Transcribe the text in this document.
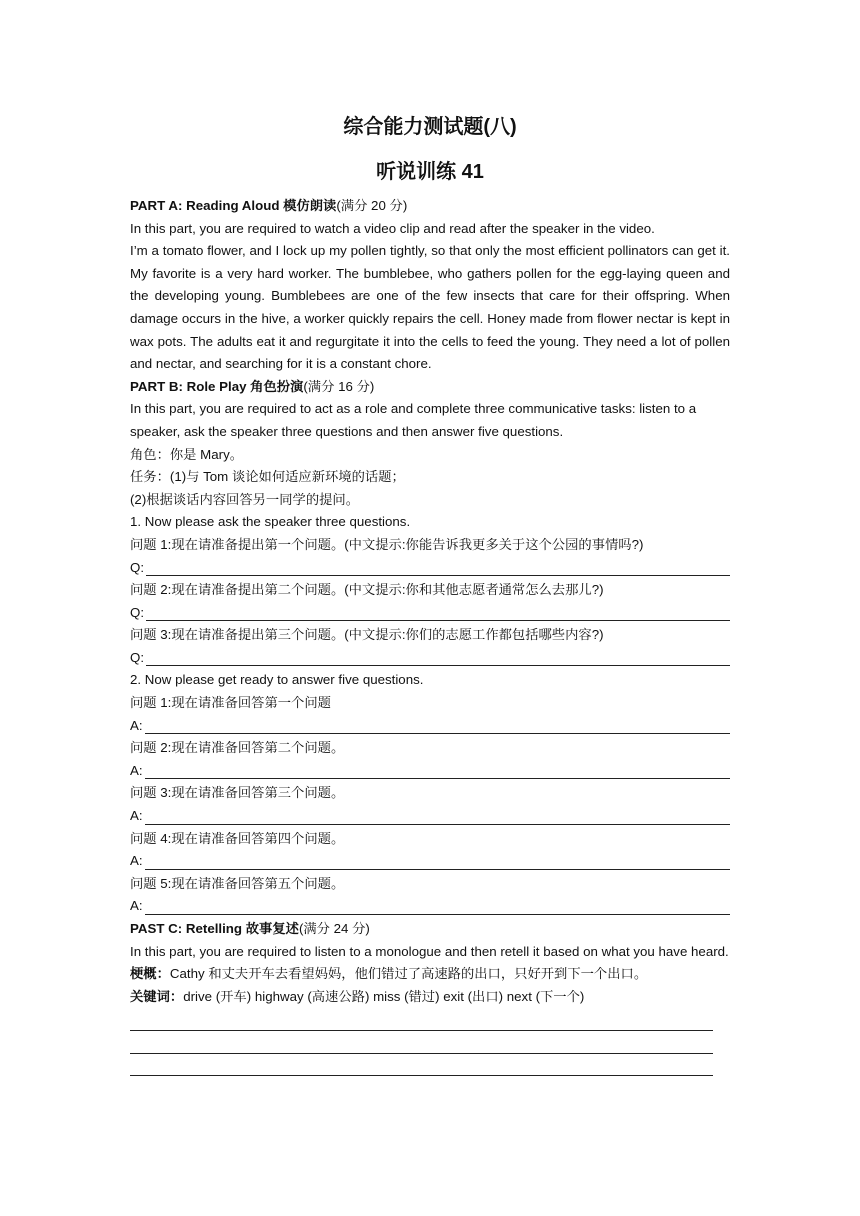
综合能力测试题(八)
听说训练 41

PART A: Reading Aloud 模仿朗读(满分 20 分)

In this part, you are required to watch a video clip and read after the speaker in the video.

I’m a tomato flower, and I lock up my pollen tightly, so that only the most efficient pollinators can get it. My favorite is a very hard worker. The bumblebee, who gathers pollen for the egg-laying queen and the developing young. Bumblebees are one of the few insects that care for their offspring. When damage occurs in the hive, a worker quickly repairs the cell. Honey made from flower nectar is kept in wax pots. The adults eat it and regurgitate it into the cells to feed the young. They need a lot of pollen and nectar, and searching for it is a constant chore.

PART B: Role Play 角色扮演(满分 16 分)

In this part, you are required to act as a role and complete three communicative tasks: listen to a speaker, ask the speaker three questions and then answer five questions.

角色：你是 Mary。

任务：(1)与 Tom 谈论如何适应新环境的话题；

(2)根据谈话内容回答另一同学的提问。

1. Now please ask the speaker three questions.

问题 1:现在请准备提出第一个问题。(中文提示:你能告诉我更多关于这个公园的事情吗?)

Q:

问题 2:现在请准备提出第二个问题。(中文提示:你和其他志愿者通常怎么去那儿?)

Q:

问题 3:现在请准备提出第三个问题。(中文提示:你们的志愿工作都包括哪些内容?)

Q:

2. Now please get ready to answer five questions.

问题 1:现在请准备回答第一个问题

A:

问题 2:现在请准备回答第二个问题。

A:

问题 3:现在请准备回答第三个问题。

A:

问题 4:现在请准备回答第四个问题。

A:

问题 5:现在请准备回答第五个问题。

A:

PAST C: Retelling 故事复述(满分 24 分)

In this part, you are required to listen to a monologue and then retell it based on what you have heard.

梗概：Cathy 和丈夫开车去看望妈妈，他们错过了高速路的出口，只好开到下一个出口。

关键词：drive (开车) highway (高速公路) miss (错过) exit (出口) next (下一个)
